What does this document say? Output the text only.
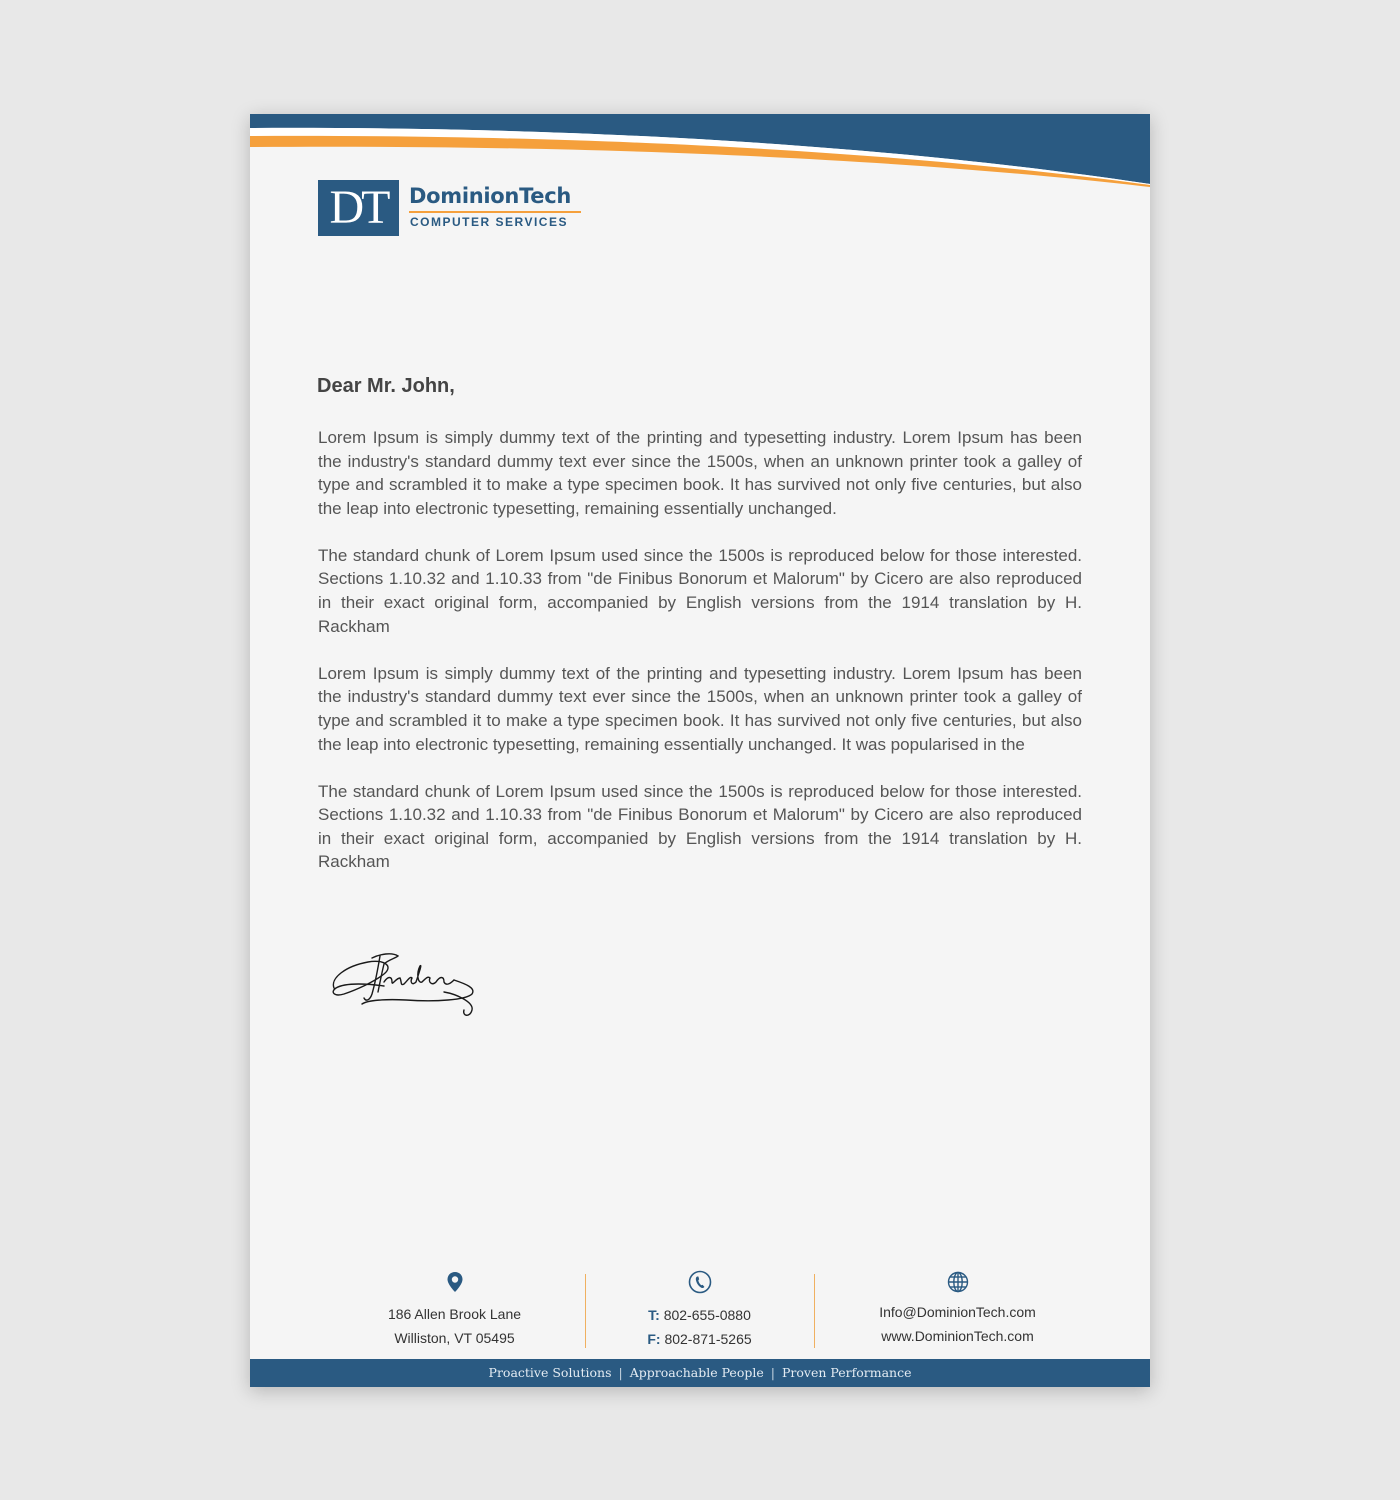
DT	DominionTech
COMPUTER SERVICES

Dear Mr. John,

Lorem Ipsum is simply dummy text of the printing and typesetting industry. Lorem Ipsum has been the industry's standard dummy text ever since the 1500s, when an unknown printer took a galley of type and scrambled it to make a type specimen book. It has survived not only five centuries, but also the leap into electronic typesetting, remaining essentially unchanged.

The standard chunk of Lorem Ipsum used since the 1500s is reproduced below for those interested. Sections 1.10.32 and 1.10.33 from "de Finibus Bonorum et Malorum" by Cicero are also reproduced in their exact original form, accompanied by English versions from the 1914 translation by H. Rackham

Lorem Ipsum is simply dummy text of the printing and typesetting industry. Lorem Ipsum has been the industry's standard dummy text ever since the 1500s, when an unknown printer took a galley of type and scrambled it to make a type specimen book. It has survived not only five centuries, but also the leap into electronic typesetting, remaining essentially unchanged. It was popularised in the

The standard chunk of Lorem Ipsum used since the 1500s is reproduced below for those interested. Sections 1.10.32 and 1.10.33 from "de Finibus Bonorum et Malorum" by Cicero are also reproduced in their exact original form, accompanied by English versions from the 1914 translation by H. Rackham

186 Allen Brook Lane
Williston, VT 05495
T: 802-655-0880
F: 802-871-5265
Info@DominionTech.com
www.DominionTech.com
Proactive Solutions | Approachable People | Proven Performance
